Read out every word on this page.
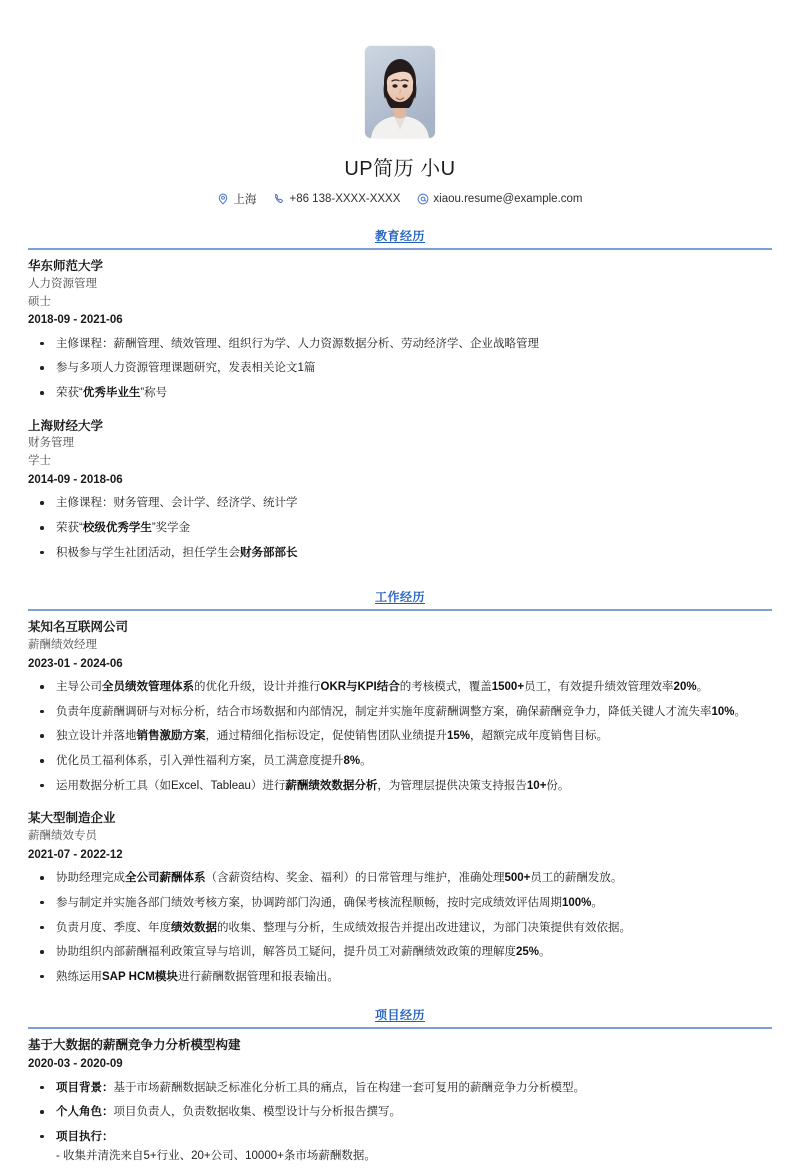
UP简历 小U
上海	+86 138-XXXX-XXXX	xiaou.resume@example.com
教育经历
华东师范大学
人力资源管理
硕士
2018-09 - 2021-06
主修课程：薪酬管理、绩效管理、组织行为学、人力资源数据分析、劳动经济学、企业战略管理
参与多项人力资源管理课题研究，发表相关论文1篇
荣获“优秀毕业生”称号
上海财经大学
财务管理
学士
2014-09 - 2018-06
主修课程：财务管理、会计学、经济学、统计学
荣获“校级优秀学生”奖学金
积极参与学生社团活动，担任学生会财务部部长
工作经历
某知名互联网公司
薪酬绩效经理
2023-01 - 2024-06
主导公司全员绩效管理体系的优化升级，设计并推行OKR与KPI结合的考核模式，覆盖1500+员工，有效提升绩效管理效率20%。
负责年度薪酬调研与对标分析，结合市场数据和内部情况，制定并实施年度薪酬调整方案，确保薪酬竞争力，降低关键人才流失率10%。
独立设计并落地销售激励方案，通过精细化指标设定，促使销售团队业绩提升15%，超额完成年度销售目标。
优化员工福利体系，引入弹性福利方案，员工满意度提升8%。
运用数据分析工具（如Excel、Tableau）进行薪酬绩效数据分析，为管理层提供决策支持报告10+份。
某大型制造企业
薪酬绩效专员
2021-07 - 2022-12
协助经理完成全公司薪酬体系（含薪资结构、奖金、福利）的日常管理与维护，准确处理500+员工的薪酬发放。
参与制定并实施各部门绩效考核方案，协调跨部门沟通，确保考核流程顺畅，按时完成绩效评估周期100%。
负责月度、季度、年度绩效数据的收集、整理与分析，生成绩效报告并提出改进建议，为部门决策提供有效依据。
协助组织内部薪酬福利政策宣导与培训，解答员工疑问，提升员工对薪酬绩效政策的理解度25%。
熟练运用SAP HCM模块进行薪酬数据管理和报表输出。
项目经历
基于大数据的薪酬竞争力分析模型构建
2020-03 - 2020-09
项目背景：基于市场薪酬数据缺乏标准化分析工具的痛点，旨在构建一套可复用的薪酬竞争力分析模型。
个人角色：项目负责人，负责数据收集、模型设计与分析报告撰写。
项目执行：
- 收集并清洗来自5+行业、20+公司、10000+条市场薪酬数据。
